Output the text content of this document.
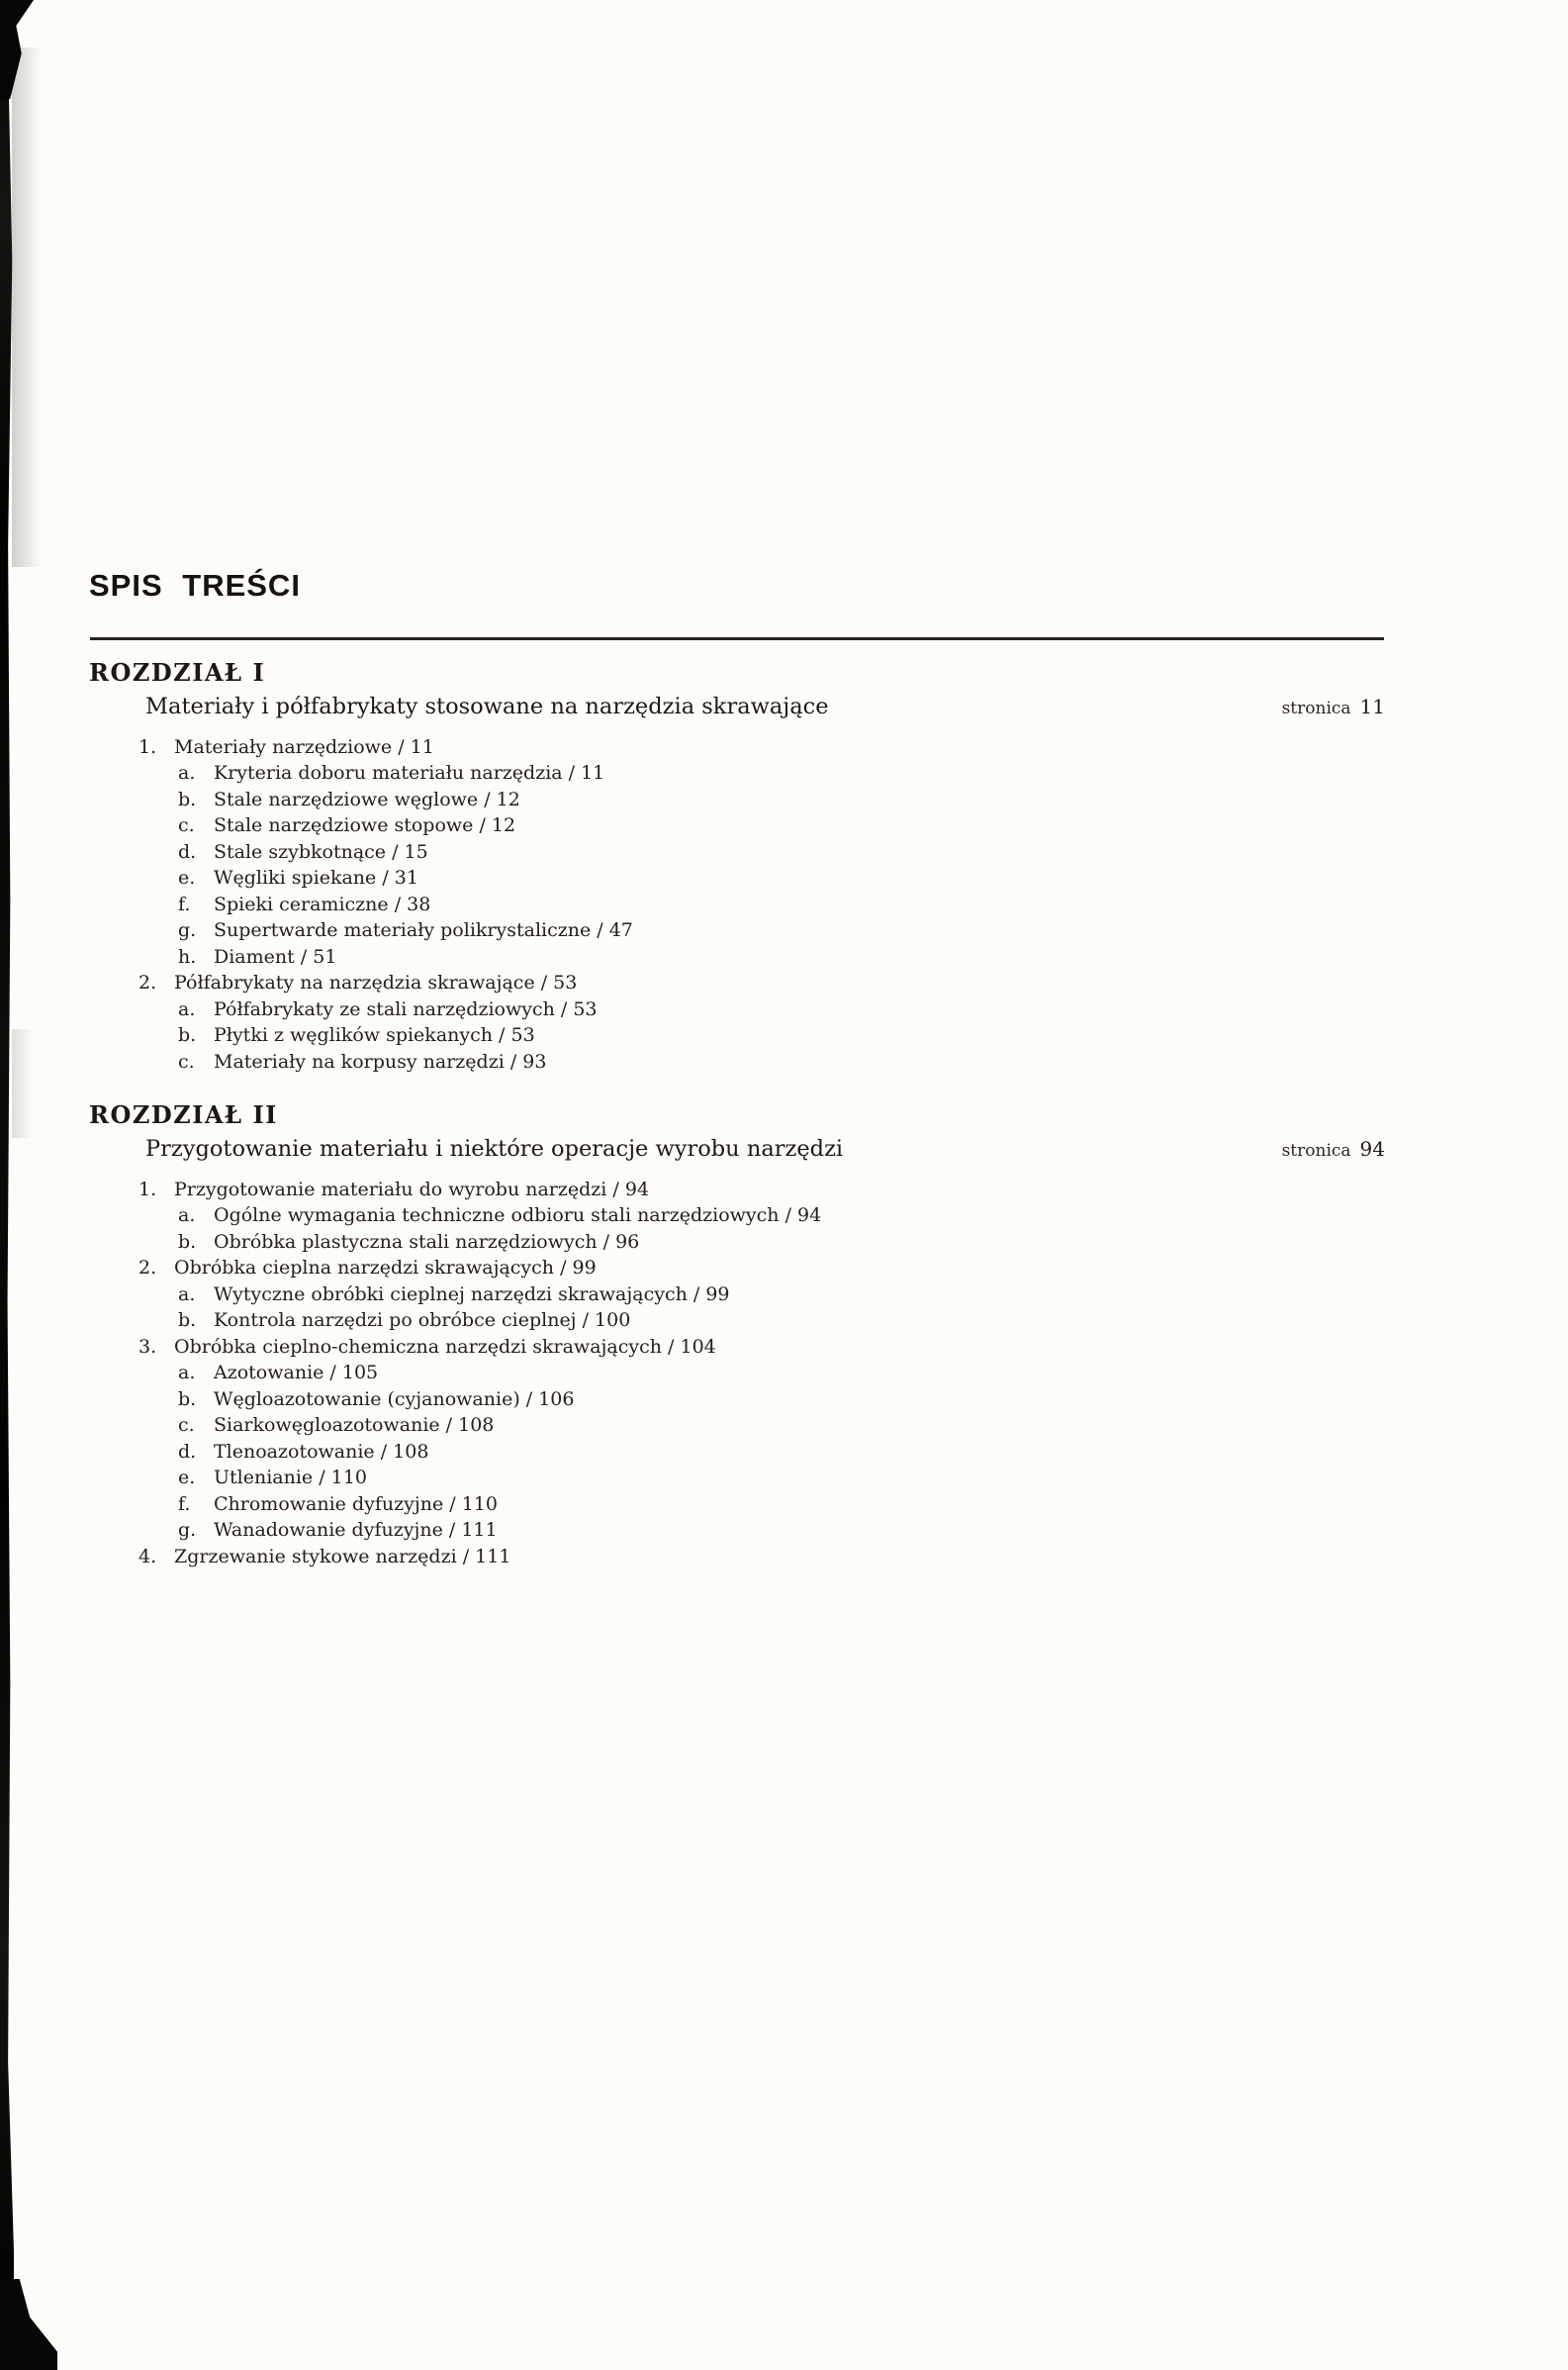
SPIS TREŚCI
ROZDZIAŁ I
Materiały i półfabrykaty stosowane na narzędzia skrawające	stronica 11
1. Materiały narzędziowe / 11
a. Kryteria doboru materiału narzędzia / 11
b. Stale narzędziowe węglowe / 12
c.	Stale narzędziowe stopowe / 12
d. Stale szybkotnące / 15
e. Węgliki spiekane / 31
f.	Spieki ceramiczne / 38
g. Supertwarde materiały polikrystaliczne / 47
h. Diament / 51
2. Półfabrykaty na narzędzia skrawające / 53
a. Półfabrykaty ze stali narzędziowych / 53
b. Płytki z węglików spiekanych / 53
c.	Materiały na korpusy narzędzi / 93
ROZDZIAŁ II
Przygotowanie materiału i niektóre operacje wyrobu narzędzi	stronica 94
1. Przygotowanie materiału do wyrobu narzędzi / 94
a. Ogólne wymagania techniczne odbioru stali narzędziowych / 94
b. Obróbka plastyczna stali narzędziowych / 96
2. Obróbka cieplna narzędzi skrawających / 99
a. Wytyczne obróbki cieplnej narzędzi skrawających / 99
b. Kontrola narzędzi po obróbce cieplnej / 100
3. Obróbka cieplno-chemiczna narzędzi skrawających / 104
a. Azotowanie / 105
b. Węgloazotowanie (cyjanowanie) / 106
c.	Siarkowęgloazotowanie / 108
d. Tlenoazotowanie / 108
e. Utlenianie / 110
f.	Chromowanie dyfuzyjne / 110
g. Wanadowanie dyfuzyjne / 111
4. Zgrzewanie stykowe narzędzi / 111
